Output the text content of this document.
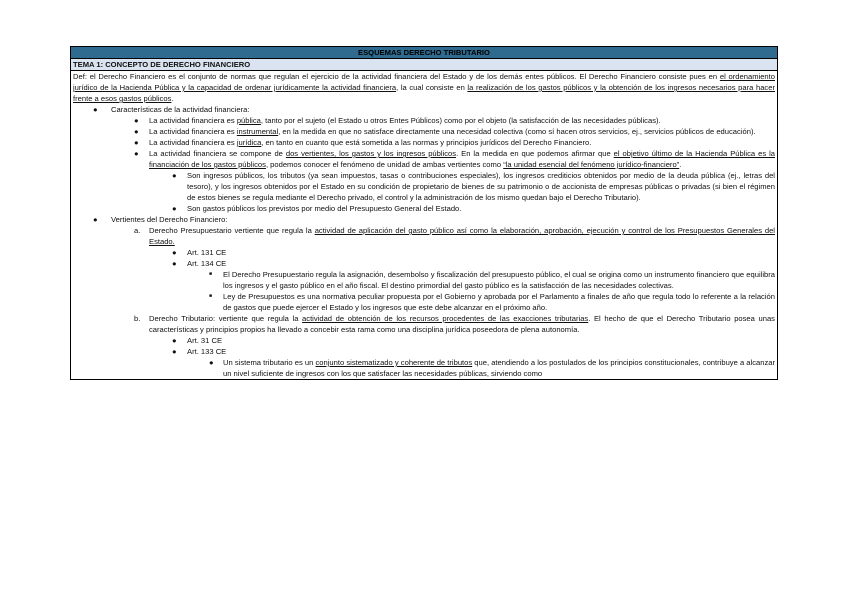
ESQUEMAS DERECHO TRIBUTARIO
TEMA 1: CONCEPTO DE DERECHO FINANCIERO

Def: el Derecho Financiero es el conjunto de normas que regulan el ejercicio de la actividad financiera del Estado y de los demás entes públicos. El Derecho Financiero consiste pues en el ordenamiento jurídico de la Hacienda Pública y la capacidad de ordenar jurídicamente la actividad financiera, la cual consiste en la realización de los gastos públicos y la obtención de los ingresos necesarios para hacer frente a esos gastos públicos.

● Características de la actividad financiera:
● La actividad financiera es pública, tanto por el sujeto (el Estado u otros Entes Públicos) como por el objeto (la satisfacción de las necesidades públicas).
● La actividad financiera es instrumental, en la medida en que no satisface directamente una necesidad colectiva (como sí hacen otros servicios, ej., servicios públicos de educación).
● La actividad financiera es jurídica, en tanto en cuanto que está sometida a las normas y principios jurídicos del Derecho Financiero.
● La actividad financiera se compone de dos vertientes, los gastos y los ingresos públicos. En la medida en que podemos afirmar que el objetivo último de la Hacienda Pública es la financiación de los gastos públicos, podemos conocer el fenómeno de unidad de ambas vertientes como “la unidad esencial del fenómeno jurídico-financiero”.
● Son ingresos públicos, los tributos (ya sean impuestos, tasas o contribuciones especiales), los ingresos crediticios obtenidos por medio de la deuda pública (ej., letras del tesoro), y los ingresos obtenidos por el Estado en su condición de propietario de bienes de su patrimonio o de accionista de empresas públicas o privadas (si bien el régimen de estos bienes se regula mediante el Derecho privado, el control y la administración de los mismo quedan bajo el Derecho Tributario).
● Son gastos públicos los previstos por medio del Presupuesto General del Estado.
● Vertientes del Derecho Financiero:
a. Derecho Presupuestario vertiente que regula la actividad de aplicación del gasto público así como la elaboración, aprobación, ejecución y control de los Presupuestos Generales del Estado.
● Art. 131 CE
● Art. 134 CE
■ El Derecho Presupuestario regula la asignación, desembolso y fiscalización del presupuesto público, el cual se origina como un instrumento financiero que equilibra los ingresos y el gasto público en el año fiscal. El destino primordial del gasto público es la satisfacción de las necesidades colectivas.
■ Ley de Presupuestos es una normativa peculiar propuesta por el Gobierno y aprobada por el Parlamento a finales de año que regula todo lo referente a la relación de gastos que puede ejercer el Estado y los ingresos que este debe alcanzar en el próximo año.
b. Derecho Tributario: vertiente que regula la actividad de obtención de los recursos procedentes de las exacciones tributarias. El hecho de que el Derecho Tributario posea unas características y principios propios ha llevado a concebir esta rama como una disciplina jurídica poseedora de plena autonomía.
● Art. 31 CE
● Art. 133 CE
● Un sistema tributario es un conjunto sistematizado y coherente de tributos que, atendiendo a los postulados de los principios constitucionales, contribuye a alcanzar un nivel suficiente de ingresos con los que satisfacer las necesidades públicas, sirviendo como
